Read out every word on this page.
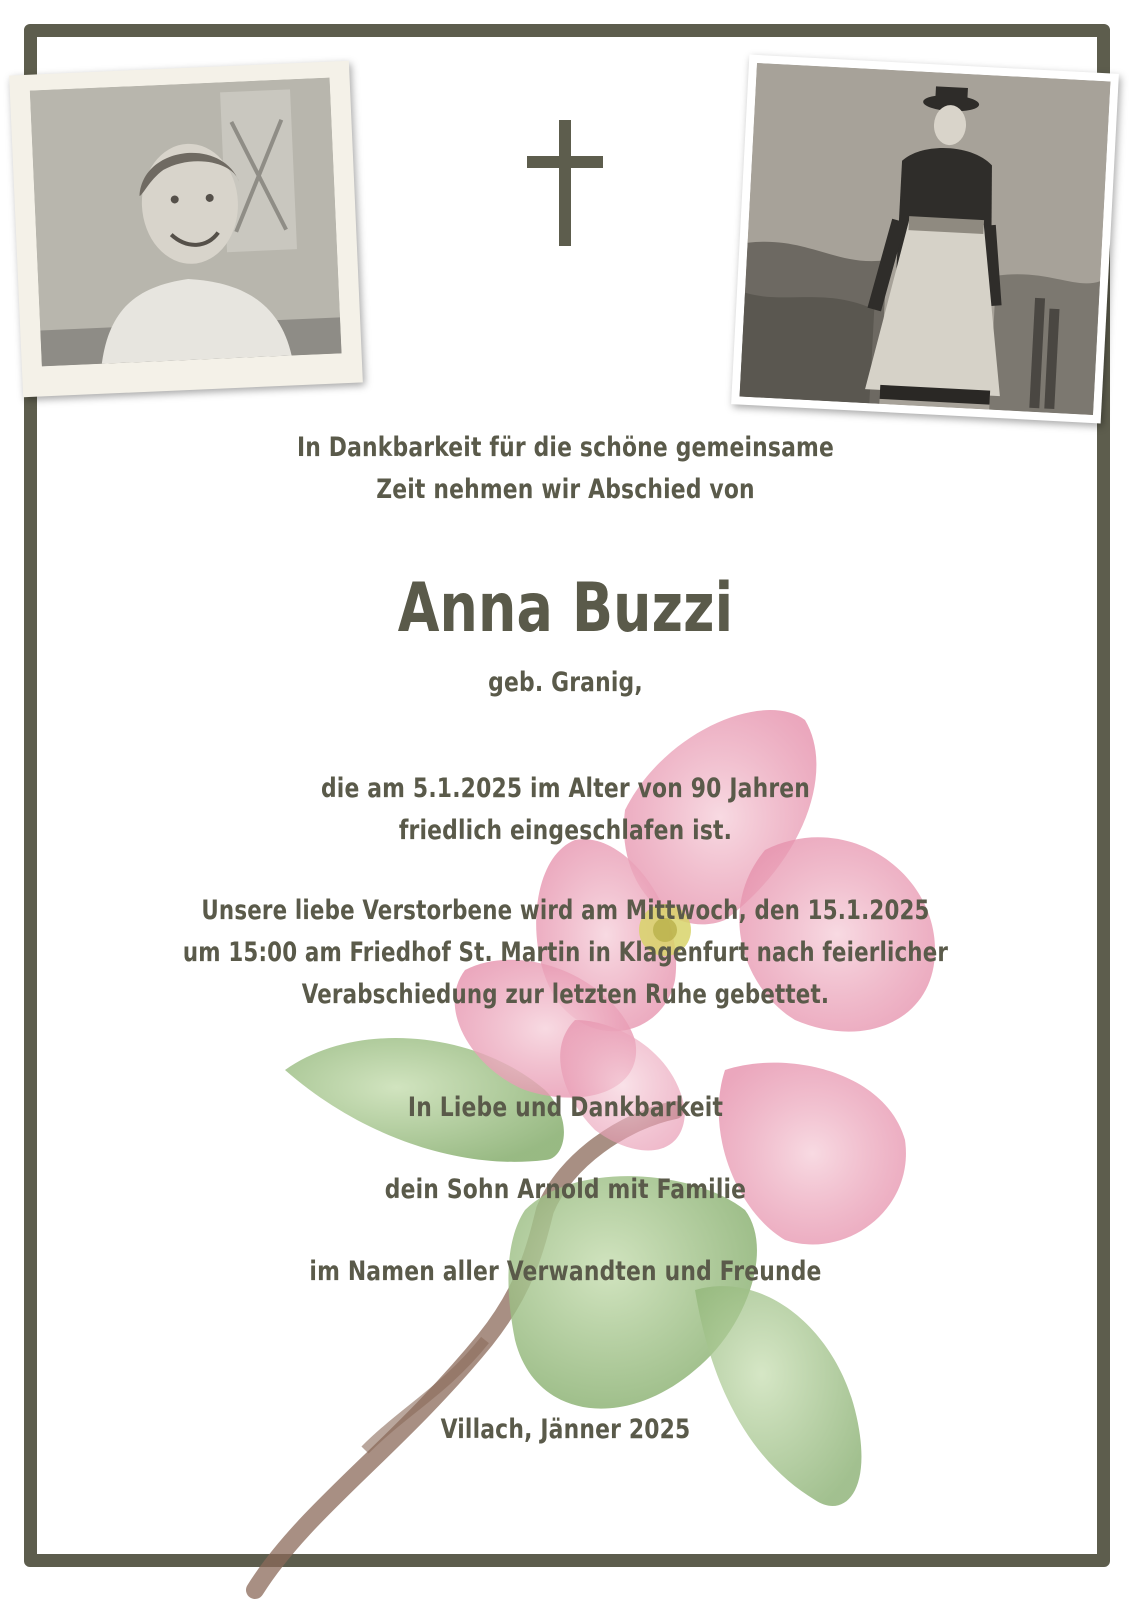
In Dankbarkeit für die schöne gemeinsame
Zeit nehmen wir Abschied von
Anna Buzzi
geb. Granig,
die am 5.1.2025 im Alter von 90 Jahren
friedlich eingeschlafen ist.
Unsere liebe Verstorbene wird am Mittwoch, den 15.1.2025
um 15:00 am Friedhof St. Martin in Klagenfurt nach feierlicher
Verabschiedung zur letzten Ruhe gebettet.
In Liebe und Dankbarkeit
dein Sohn Arnold mit Familie
im Namen aller Verwandten und Freunde
Villach, Jänner 2025
